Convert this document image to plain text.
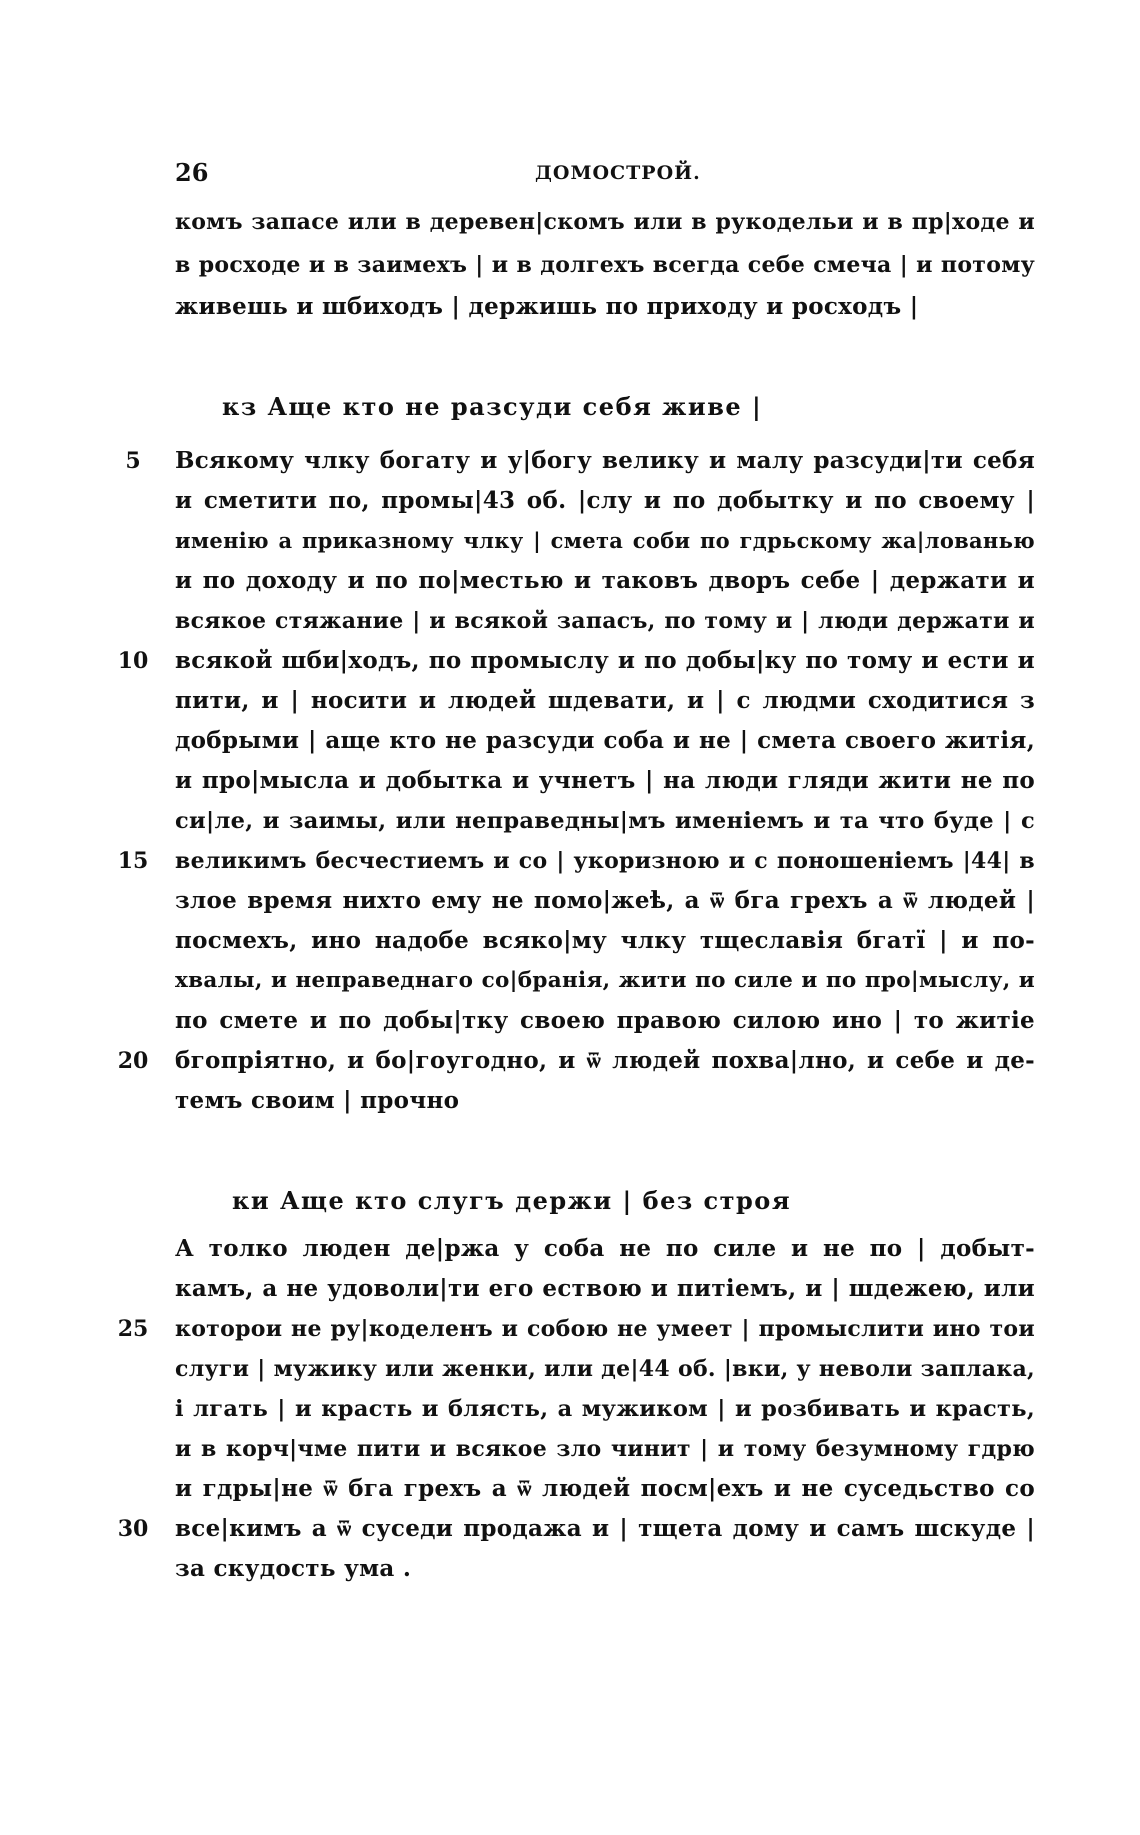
26	ДОМОСТРОЙ.
комъ запасе или в деревен|скомъ или в рукодельи и в пр|ходе и
в росходе и в заимехъ | и в долгехъ всегда себе смеча | и потому
живешь и шбиходъ | держишь по приходу и росходъ |
кз Аще кто не разсуди себя живе |
Всякому члку богату и у|богу велику и малу разсуди|ти себя
и сметити по, промы|43 об. |слу и по добытку и по своему |
именію а приказному члку | смета соби по гдрьскому жа|лованью
и по доходу и по по|местью и таковъ дворъ себе | держати и
всякое стяжание | и всякой запасъ, по тому и | люди держати и
всякой шби|ходъ, по промыслу и по добы|ку по тому и ести и
пити, и | носити и людей шдевати, и | с людми сходитися з
добрыми | аще кто не разсуди соба и не | смета своего житія,
и про|мысла и добытка и учнетъ | на люди гляди жити не по
си|ле, и заимы, или неправедны|мъ именіемъ и та что буде | с
великимъ бесчестиемъ и со | укоризною и с поношеніемъ |44| в
злое время нихто ему не помо|жеѣ, а ѿ бга грехъ а ѿ людей |
посмехъ, ино надобе всяко|му члку тщеславія бгатї | и по-
хвалы, и неправеднаго со|бранія, жити по силе и по про|мыслу, и
по смете и по добы|тку своею правою силою ино | то житіе
бгопріятно, и бо|гоугодно, и ѿ людей похва|лно, и себе и де-
темъ своим | прочно
ки Аще кто слугъ держи | без строя
А толко люден де|ржа у соба не по силе и не по | добыт-
камъ, а не удоволи|ти его ествою и питіемъ, и | шдежею, или
которои не ру|коделенъ и собою не умеет | промыслити ино тои
слуги | мужику или женки, или де|44 об. |вки, у неволи заплака,
і лгать | и красть и блясть, а мужиком | и розбивать и красть,
и в корч|чме пити и всякое зло чинит | и тому безумному гдрю
и гдры|не ѿ бга грехъ а ѿ людей посм|ехъ и не суседьство со
все|кимъ а ѿ суседи продажа и | тщета дому и самъ шскуде |
за скудость ума .
5
10
15
20
25
30
